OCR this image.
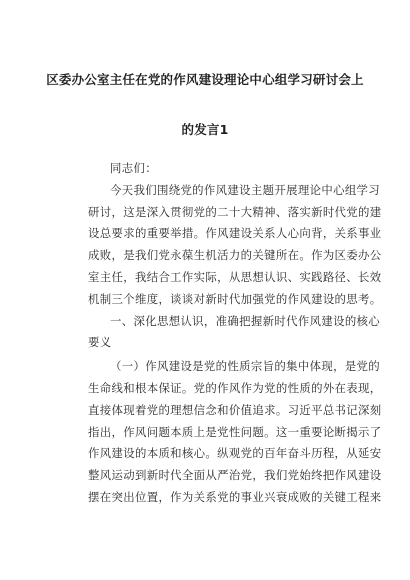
区委办公室主任在党的作风建设理论中心组学习研讨会上
的发言1
同志们：
今天我们围绕党的作风建设主题开展理论中心组学习
研讨，这是深入贯彻党的二十大精神、落实新时代党的建
设总要求的重要举措。作风建设关系人心向背，关系事业
成败，是我们党永葆生机活力的关键所在。作为区委办公
室主任，我结合工作实际，从思想认识、实践路径、长效
机制三个维度，谈谈对新时代加强党的作风建设的思考。
一、深化思想认识，准确把握新时代作风建设的核心
要义
（一）作风建设是党的性质宗旨的集中体现，是党的
生命线和根本保证。党的作风作为党的性质的外在表现，
直接体现着党的理想信念和价值追求。习近平总书记深刻
指出，作风问题本质上是党性问题。这一重要论断揭示了
作风建设的本质和核心。纵观党的百年奋斗历程，从延安
整风运动到新时代全面从严治党，我们党始终把作风建设
摆在突出位置，作为关系党的事业兴衰成败的关键工程来
